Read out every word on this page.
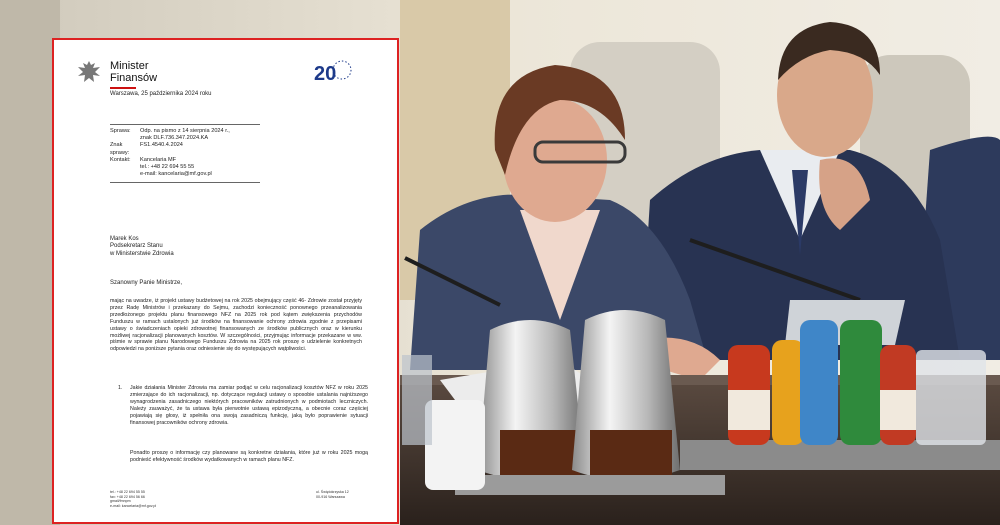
Minister
Finansów	20
Warszawa, 25 października 2024 roku
Sprawa:	Odp. na pismo z 14 sierpnia 2024 r.,
znak DLF.736.347.2024.KA
Znak sprawy:
FS1.4540.4.2024
Kontakt:	Kancelaria MF
tel.: +48 22 694 55 55
e-mail: kancelaria@mf.gov.pl
Marek Kos
Podsekretarz Stanu
w Ministerstwie Zdrowia
Szanowny Panie Ministrze,
mając na uwadze, iż projekt ustawy budżetowej na rok 2025 obejmujący część 46- Zdrowie został przyjęty przez Radę Ministrów i przekazany do Sejmu, zachodzi konieczność ponownego przeanalizowania przedłożonego projektu planu finansowego NFZ na 2025 rok pod kątem zwiększenia przychodów Funduszu w ramach ustalonych już środków na finansowanie ochrony zdrowia zgodnie z przepisami ustawy o świadczeniach opieki zdrowotnej finansowanych ze środków publicznych oraz w kierunku możliwej racjonalizacji planowanych kosztów. W szczególności, przyjmując informacje przekazane w ww. piśmie w sprawie planu Narodowego Funduszu Zdrowia na 2025 rok proszę o udzielenie konkretnych odpowiedzi na poniższe pytania oraz odniesienie się do występujących wątpliwości.
1.	Jakie działania Minister Zdrowia ma zamiar podjąć w celu racjonalizacji kosztów NFZ w roku 2025 zmierzające do ich racjonalizacji, np. dotyczące regulacji ustawy o sposobie ustalania najniższego wynagrodzenia zasadniczego niektórych pracowników zatrudnionych w podmiotach leczniczych. Należy zauważyć, że ta ustawa była pierwotnie ustawą epizodyczną, a obecnie coraz częściej pojawiają się głosy, iż spełniła ona swoją zasadniczą funkcję, jaką było poprawienie sytuacji finansowej pracowników ochrony zdrowia.
Ponadto proszę o informację czy planowane są konkretne działania, które już w roku 2025 mogą podnieść efektywność środków wydatkowanych w ramach planu NFZ.
tel.: +48 22 694 55 55
fax: +48 22 694 56 66
gmail/fmnpm
e-mail: kancelaria@mf.gov.pl
ul. Świętokrzyska 12
00-916 Warszawa
